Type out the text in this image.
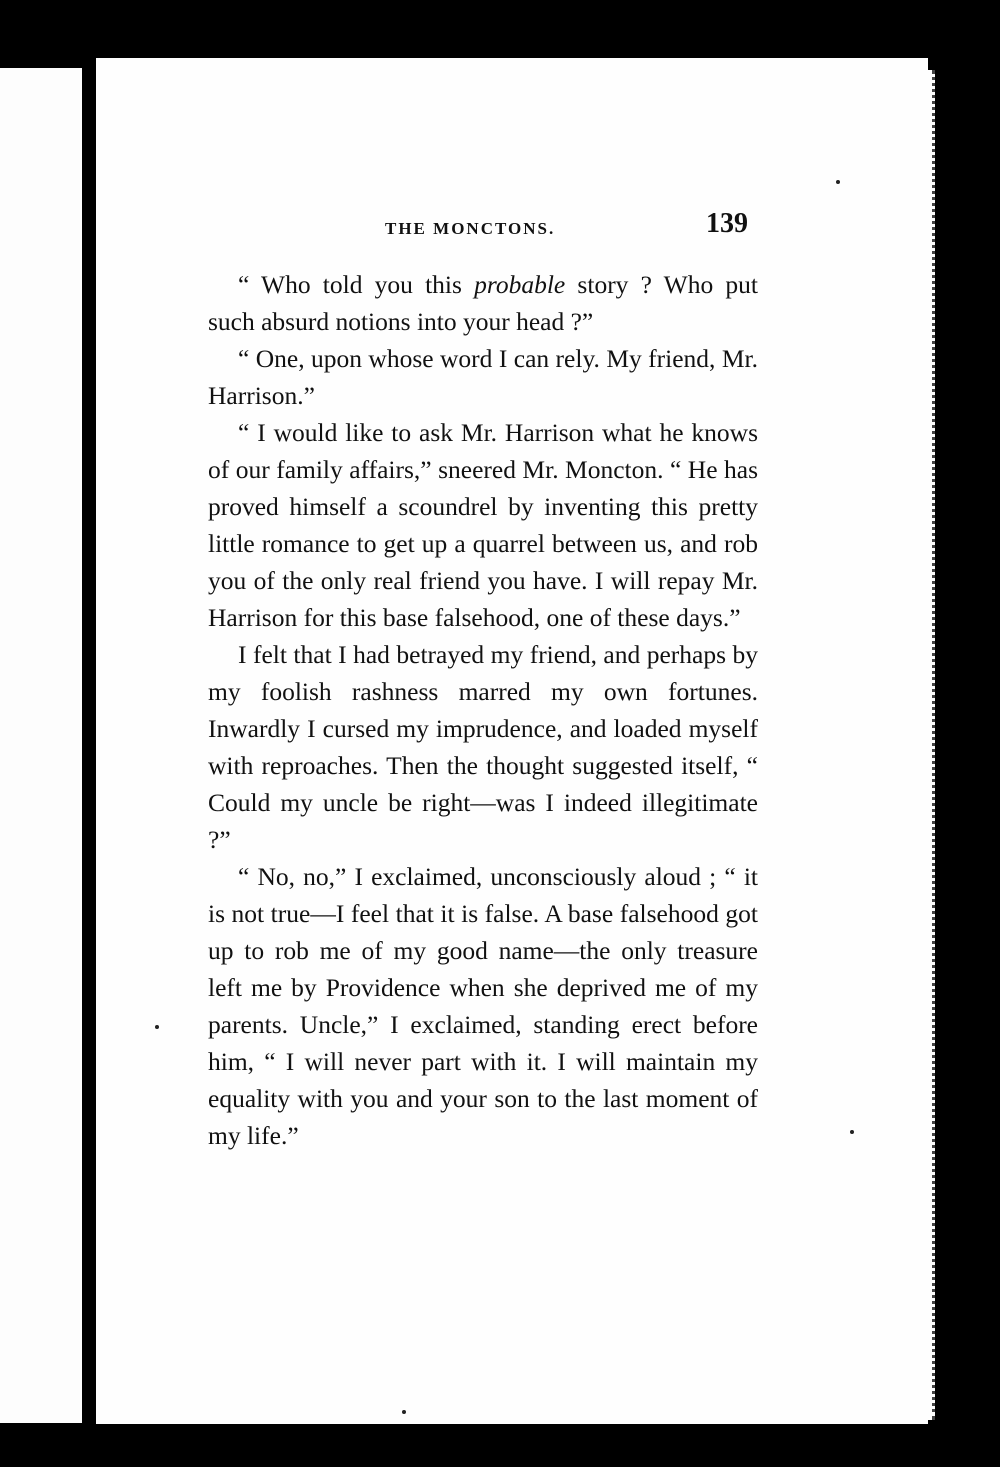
THE MONCTONS.	139

“ Who told you this probable story ? Who put such absurd notions into your head ?”

“ One, upon whose word I can rely. My friend, Mr. Harrison.”

“ I would like to ask Mr. Harrison what he knows of our family affairs,” sneered Mr. Moncton. “ He has proved himself a scoundrel by inventing this pretty little romance to get up a quarrel between us, and rob you of the only real friend you have. I will repay Mr. Harrison for this base falsehood, one of these days.”

I felt that I had betrayed my friend, and perhaps by my foolish rashness marred my own fortunes. Inwardly I cursed my imprudence, and loaded myself with reproaches. Then the thought suggested itself, “ Could my uncle be right—was I indeed illegitimate ?”

“ No, no,” I exclaimed, unconsciously aloud ; “ it is not true—I feel that it is false. A base falsehood got up to rob me of my good name—the only treasure left me by Providence when she deprived me of my parents. Uncle,” I exclaimed, standing erect before him, “ I will never part with it. I will maintain my equality with you and your son to the last moment of my life.”
